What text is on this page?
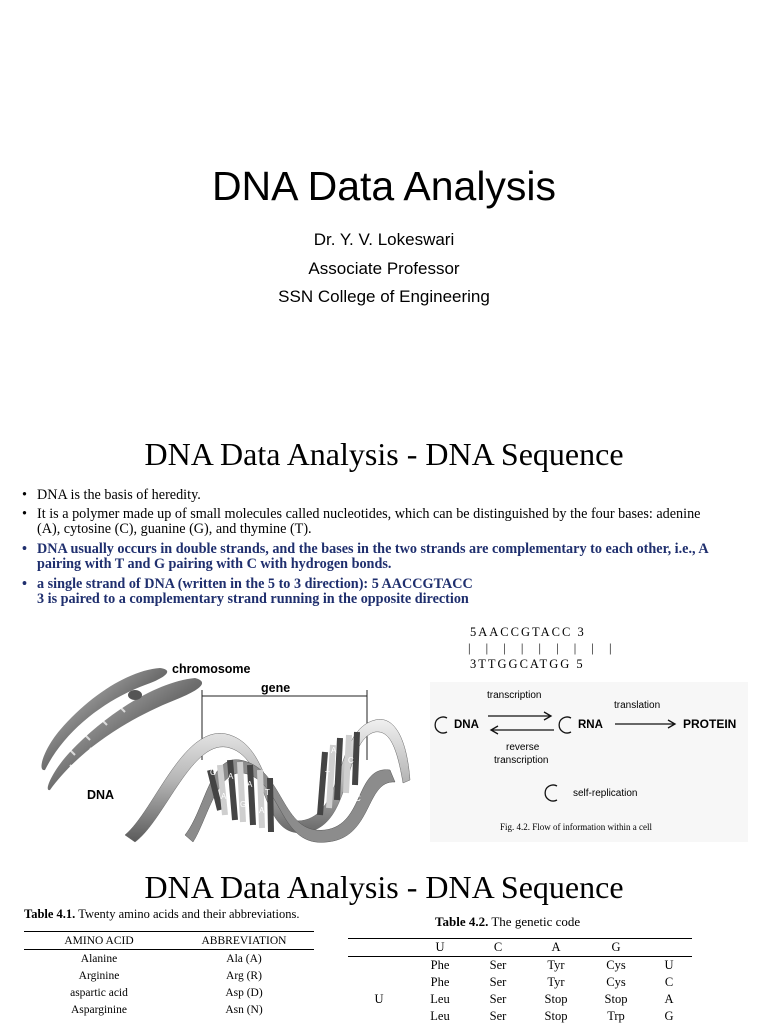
DNA Data Analysis
Dr. Y. V. Lokeswari
Associate Professor
SSN College of Engineering
DNA Data Analysis - DNA Sequence
• DNA is the basis of heredity.
• It is a polymer made up of small molecules called nucleotides, which can be distinguished by the four bases: adenine (A), cytosine (C), guanine (G), and thymine (T).
• DNA usually occurs in double strands, and the bases in the two strands are complementary to each other, i.e., A pairing with T and G pairing with C with hydrogen bonds.
• a single strand of DNA (written in the 5 to 3 direction): 5 AACCGTACC 3 is paired to a complementary strand running in the opposite direction
5AACCGTACC 3
| | | | | | | | |
3TTGGCATGG 5
chromosome
gene
DNA
T
A T
G A
A
T
G
A
C
A
G
A
T
C
transcription
reverse
transcription
translation
DNA	RNA	PROTEIN
self-replication
Fig. 4.2. Flow of information within a cell
DNA Data Analysis - DNA Sequence
Table 4.1. Twenty amino acids and their abbreviations.
AMINO ACID	ABBREVIATION
Alanine	Ala (A)
Arginine	Arg (R)
aspartic acid	Asp (D)
Asparginine	Asn (N)
Table 4.2. The genetic code
	U	C	A	G	
	Phe	Ser	Tyr	Cys	U
	Phe	Ser	Tyr	Cys	C
U	Leu	Ser	Stop	Stop	A
	Leu	Ser	Stop	Trp	G
